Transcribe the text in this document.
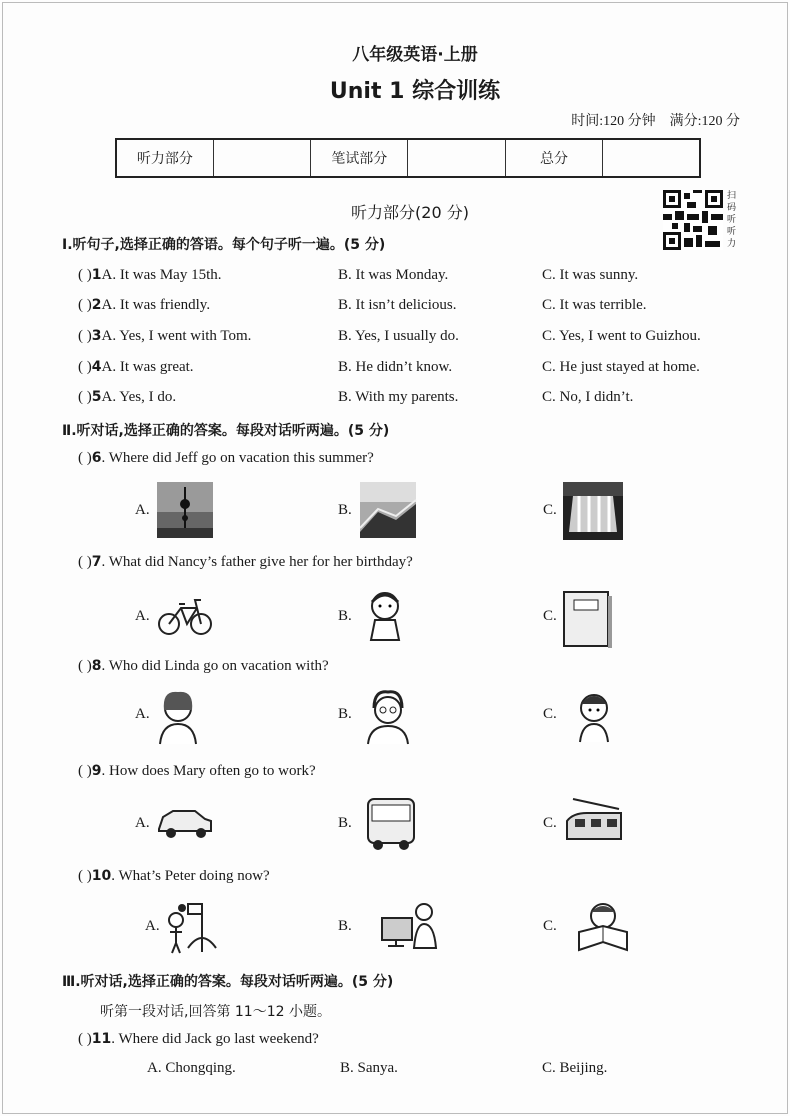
八年级英语·上册
Unit 1 综合训练
时间:120 分钟 满分:120 分
听力部分		笔试部分		总分	
听力部分(20 分)
扫码听听力
Ⅰ.听句子,选择正确的答语。每个句子听一遍。(5 分)
( )1A. It was May 15th.	B. It was Monday.	C. It was sunny.
( )2A. It was friendly.	B. It isn’t delicious.	C. It was terrible.
( )3A. Yes, I went with Tom.	B. Yes, I usually do.	C. Yes, I went to Guizhou.
( )4A. It was great.	B. He didn’t know.	C. He just stayed at home.
( )5A. Yes, I do.	B. With my parents.	C. No, I didn’t.
Ⅱ.听对话,选择正确的答案。每段对话听两遍。(5 分)
( )6. Where did Jeff go on vacation this summer?
A.	B.	C.
( )7. What did Nancy’s father give her for her birthday?
A.	B.	C.
( )8. Who did Linda go on vacation with?
A.	B.	C.
( )9. How does Mary often go to work?
A.	B.	C.
( )10. What’s Peter doing now?
A.	B.	C.
Ⅲ.听对话,选择正确的答案。每段对话听两遍。(5 分)
听第一段对话,回答第 11～12 小题。
( )11. Where did Jack go last weekend?
A. Chongqing.	B. Sanya.	C. Beijing.
